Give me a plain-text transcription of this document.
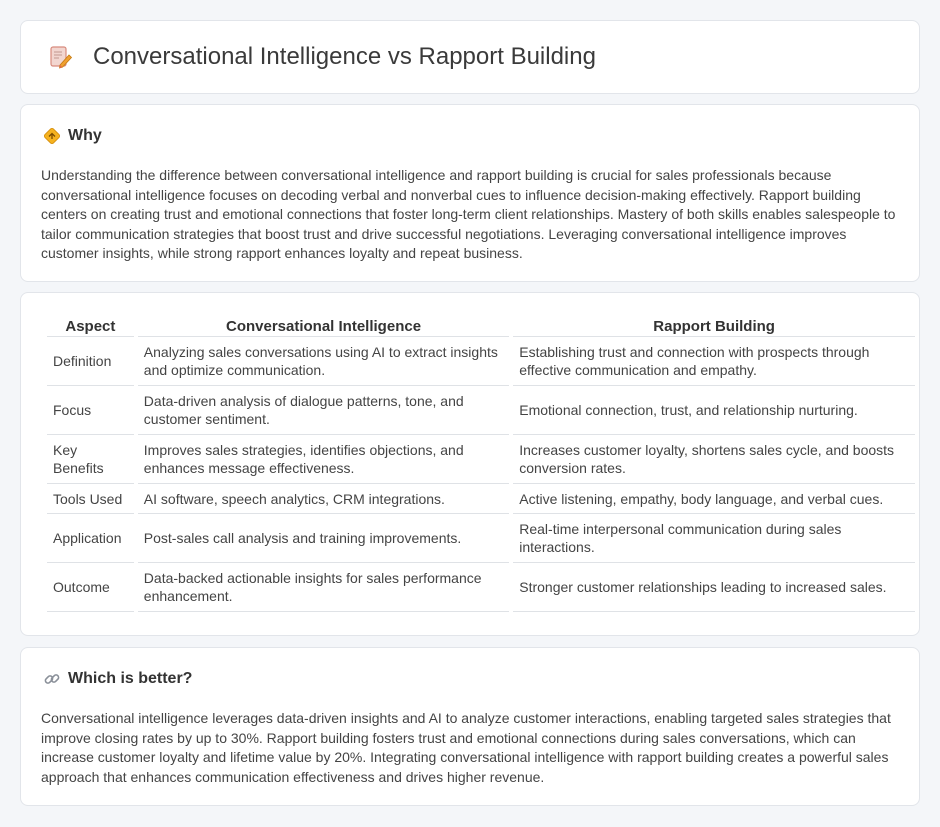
Conversational Intelligence vs Rapport Building
Why

Understanding the difference between conversational intelligence and rapport building is crucial for sales professionals because conversational intelligence focuses on decoding verbal and nonverbal cues to influence decision-making effectively. Rapport building centers on creating trust and emotional connections that foster long-term client relationships. Mastery of both skills enables salespeople to tailor communication strategies that boost trust and drive successful negotiations. Leveraging conversational intelligence improves customer insights, while strong rapport enhances loyalty and repeat business.

Aspect	Conversational Intelligence	Rapport Building
Definition	Analyzing sales conversations using AI to extract insights and optimize communication.	Establishing trust and connection with prospects through effective communication and empathy.
Focus	Data-driven analysis of dialogue patterns, tone, and customer sentiment.	Emotional connection, trust, and relationship nurturing.
Key Benefits	Improves sales strategies, identifies objections, and enhances message effectiveness.	Increases customer loyalty, shortens sales cycle, and boosts conversion rates.
Tools Used	AI software, speech analytics, CRM integrations.	Active listening, empathy, body language, and verbal cues.
Application	Post-sales call analysis and training improvements.	Real-time interpersonal communication during sales interactions.
Outcome	Data-backed actionable insights for sales performance enhancement.	Stronger customer relationships leading to increased sales.
Which is better?

Conversational intelligence leverages data-driven insights and AI to analyze customer interactions, enabling targeted sales strategies that improve closing rates by up to 30%. Rapport building fosters trust and emotional connections during sales conversations, which can increase customer loyalty and lifetime value by 20%. Integrating conversational intelligence with rapport building creates a powerful sales approach that enhances communication effectiveness and drives higher revenue.
